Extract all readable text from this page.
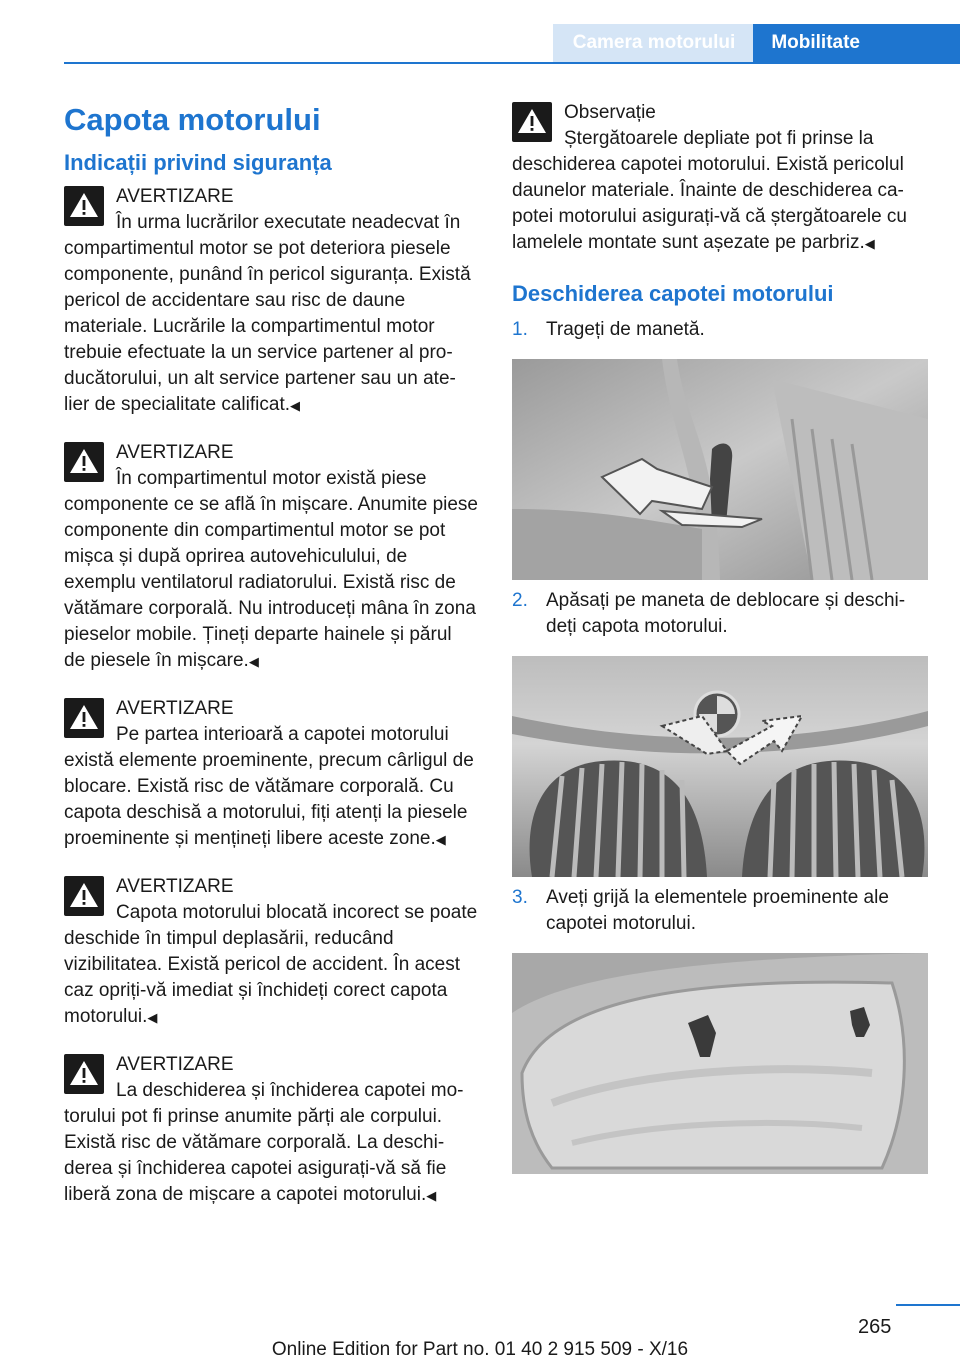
Camera motorului	Mobilitate
Capota motorului
Indicații privind siguranța
AVERTIZARE
În urma lucrărilor executate neadecvat în compartimentul motor se pot deteriora piesele componente, punând în pericol siguranța. Există pericol de accidentare sau risc de daune materiale. Lucrările la compartimentul motor trebuie efectuate la un service partener al pro-ducătorului, un alt service partener sau un ate-lier de specialitate calificat.◀
AVERTIZARE
În compartimentul motor există piese componente ce se află în mișcare. Anumite piese componente din compartimentul motor se pot mișca și după oprirea autovehiculului, de exemplu ventilatorul radiatorului. Există risc de vătămare corporală. Nu introduceți mâna în zona pieselor mobile. Țineți departe hainele și părul de piesele în mișcare.◀
AVERTIZARE
Pe partea interioară a capotei motorului există elemente proeminente, precum cârligul de blocare. Există risc de vătămare corporală. Cu capota deschisă a motorului, fiți atenți la piesele proeminente și mențineți libere aceste zone.◀
AVERTIZARE
Capota motorului blocată incorect se poate deschide în timpul deplasării, reducând vizibilitatea. Există pericol de accident. În acest caz opriți-vă imediat și închideți corect capota motorului.◀
AVERTIZARE
La deschiderea și închiderea capotei mo-torului pot fi prinse anumite părți ale corpului. Există risc de vătămare corporală. La deschi-derea și închiderea capotei asigurați-vă să fie liberă zona de mișcare a capotei motorului.◀
Observație
Ștergătoarele depliate pot fi prinse la deschiderea capotei motorului. Există pericolul daunelor materiale. Înainte de deschiderea ca-potei motorului asigurați-vă că ștergătoarele cu lamelele montate sunt așezate pe parbriz.◀
Deschiderea capotei motorului
1. Trageți de manetă.
2. Apăsați pe maneta de deblocare și deschi-deți capota motorului.
3. Aveți grijă la elementele proeminente ale capotei motorului.
265
Online Edition for Part no. 01 40 2 915 509 - X/16
